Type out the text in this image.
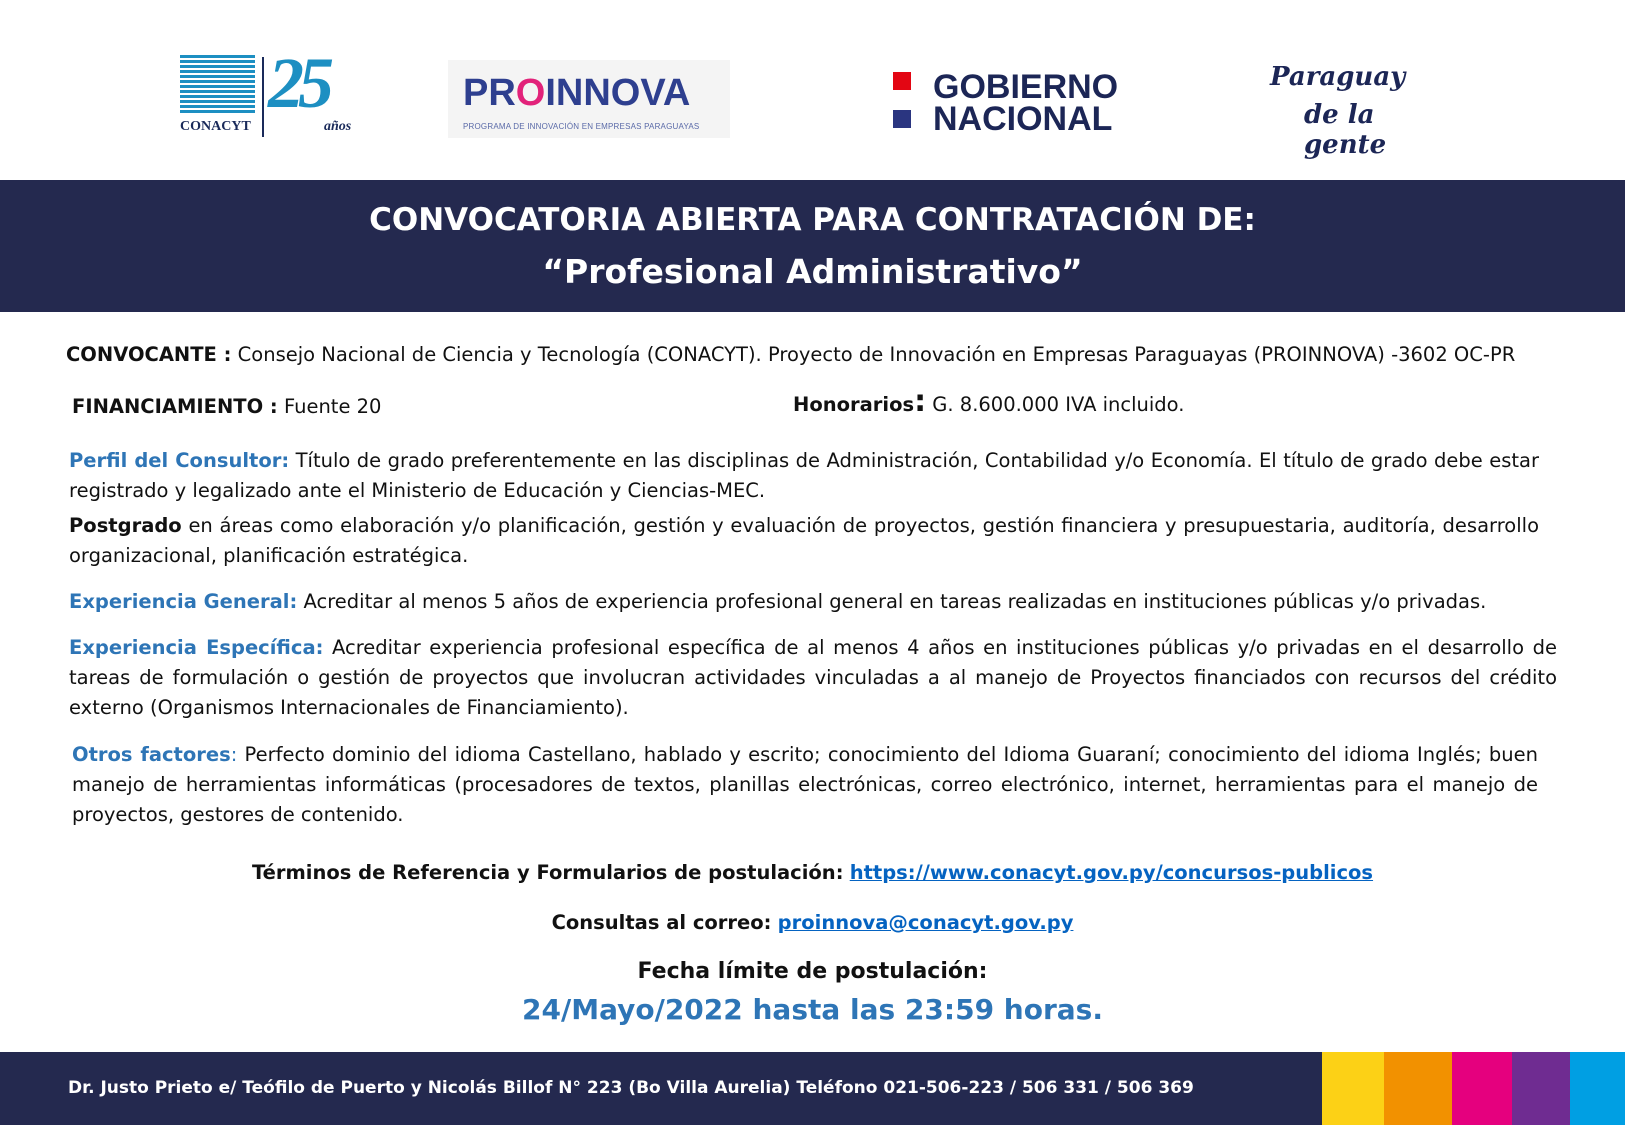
CONACYT
25
años
PROINNOVA
PROGRAMA DE INNOVACIÓN EN EMPRESAS PARAGUAYAS
GOBIERNO
NACIONAL
Paraguay
de la gente
CONVOCATORIA ABIERTA PARA CONTRATACIÓN DE:
“Profesional Administrativo”
CONVOCANTE : Consejo Nacional de Ciencia y Tecnología (CONACYT). Proyecto de Innovación en Empresas Paraguayas (PROINNOVA) -3602 OC-PR
FINANCIAMIENTO : Fuente 20	Honorarios: G. 8.600.000 IVA incluido.
Perfil del Consultor: Título de grado preferentemente en las disciplinas de Administración, Contabilidad y/o Economía. El título de grado debe estar registrado y legalizado ante el Ministerio de Educación y Ciencias-MEC.
Postgrado en áreas como elaboración y/o planificación, gestión y evaluación de proyectos, gestión financiera y presupuestaria, auditoría, desarrollo organizacional, planificación estratégica.
Experiencia General: Acreditar al menos 5 años de experiencia profesional general en tareas realizadas en instituciones públicas y/o privadas.
Experiencia Específica: Acreditar experiencia profesional específica de al menos 4 años en instituciones públicas y/o privadas en el desarrollo de tareas de formulación o gestión de proyectos que involucran actividades vinculadas a al manejo de Proyectos financiados con recursos del crédito externo (Organismos Internacionales de Financiamiento).
Otros factores: Perfecto dominio del idioma Castellano, hablado y escrito; conocimiento del Idioma Guaraní; conocimiento del idioma Inglés; buen manejo de herramientas informáticas (procesadores de textos, planillas electrónicas, correo electrónico, internet, herramientas para el manejo de proyectos, gestores de contenido.
Términos de Referencia y Formularios de postulación: https://www.conacyt.gov.py/concursos-publicos
Consultas al correo: proinnova@conacyt.gov.py
Fecha límite de postulación:
24/Mayo/2022 hasta las 23:59 horas.
Dr. Justo Prieto e/ Teófilo de Puerto y Nicolás Billof N° 223 (Bo Villa Aurelia) Teléfono 021-506-223 / 506 331 / 506 369
